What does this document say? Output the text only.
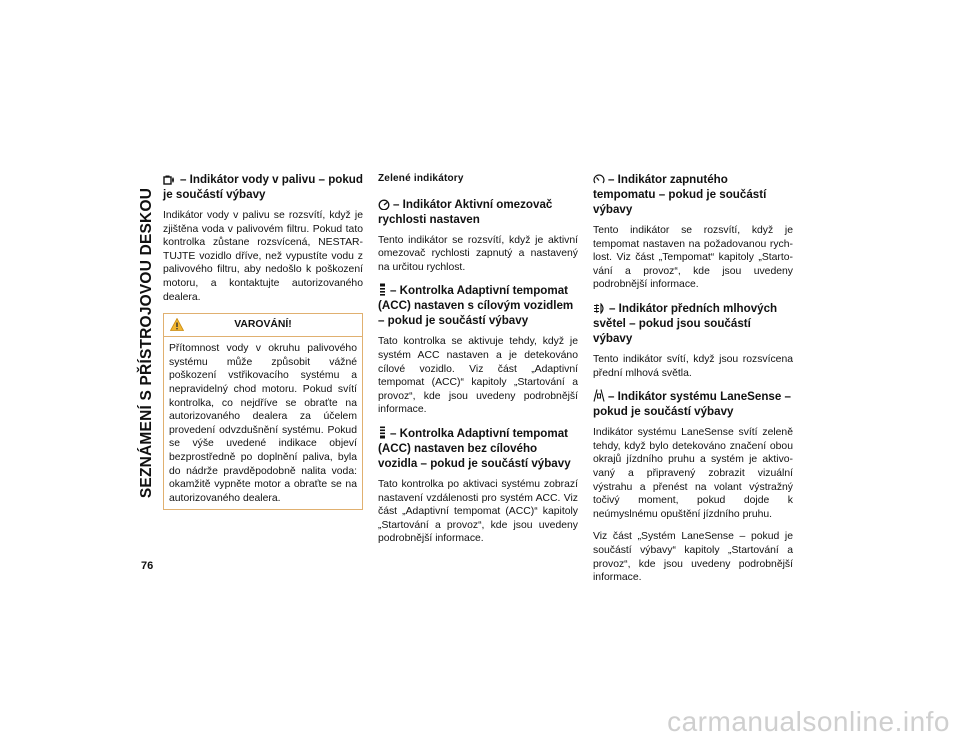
SEZNÁMENÍ S PŘÍSTROJOVOU DESKOU
76
– Indikátor vody v palivu – pokud je součástí výbavy

Indikátor vody v palivu se rozsvítí, když je zjištěna voda v palivovém filtru. Pokud tato kontrolka zůstane rozsvícená, NESTAR-TUJTE vozidlo dříve, než vypustíte vodu z palivového filtru, aby nedošlo k poškození motoru, a kontaktujte autorizovaného dealera.

VAROVÁNÍ!

Přítomnost vody v okruhu palivového systému může způsobit vážné poškození vstřikovacího systému a nepravidelný chod motoru. Pokud svítí kontrolka, co nejdříve se obraťte na autorizovaného dealera za účelem provedení odvzdušnění systému. Pokud se výše uvedené indikace objeví bezprostředně po doplnění paliva, byla do nádrže pravděpodobně nalita voda: okamžitě vypněte motor a obraťte se na autorizovaného dealera.

Zelené indikátory
– Indikátor Aktivní omezovač rychlosti nastaven

Tento indikátor se rozsvítí, když je aktivní omezovač rychlosti zapnutý a nastavený na určitou rychlost.

– Kontrolka Adaptivní tempomat (ACC) nastaven s cílovým vozidlem – pokud je součástí výbavy

Tato kontrolka se aktivuje tehdy, když je systém ACC nastaven a je detekováno cílové vozidlo. Viz část „Adaptivní tempomat (ACC)“ kapitoly „Startování a provoz“, kde jsou uvedeny podrobnější informace.

– Kontrolka Adaptivní tempomat (ACC) nastaven bez cílového vozidla – pokud je součástí výbavy

Tato kontrolka po aktivaci systému zobrazí nastavení vzdálenosti pro systém ACC. Viz část „Adaptivní tempomat (ACC)“ kapitoly „Startování a provoz“, kde jsou uvedeny podrobnější informace.

– Indikátor zapnutého tempomatu – pokud je součástí výbavy

Tento indikátor se rozsvítí, když je tempomat nastaven na požadovanou rych-lost. Viz část „Tempomat“ kapitoly „Starto-vání a provoz“, kde jsou uvedeny podrobnější informace.

– Indikátor předních mlhových světel – pokud jsou součástí výbavy

Tento indikátor svítí, když jsou rozsvícena přední mlhová světla.

– Indikátor systému LaneSense – pokud je součástí výbavy

Indikátor systému LaneSense svítí zeleně tehdy, když bylo detekováno značení obou okrajů jízdního pruhu a systém je aktivo-vaný a připravený zobrazit vizuální výstrahu a přenést na volant výstražný točivý moment, pokud dojde k neúmyslnému opuštění jízdního pruhu.

Viz část „Systém LaneSense – pokud je součástí výbavy“ kapitoly „Startování a provoz“, kde jsou uvedeny podrobnější informace.

carmanualsonline.info
